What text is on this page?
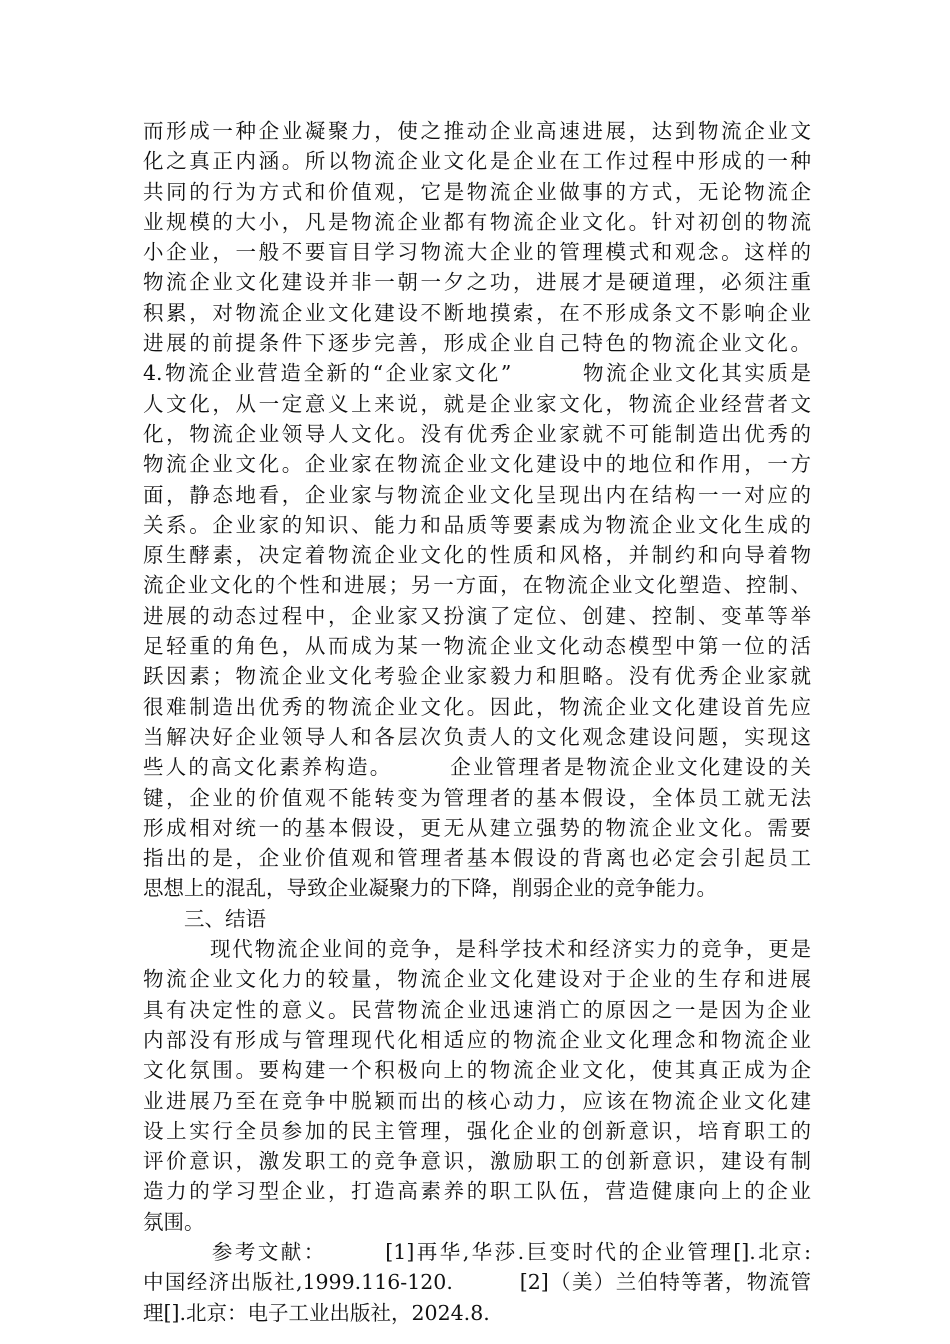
而形成一种企业凝聚力，使之推动企业高速进展，达到物流企业文
化之真正内涵。所以物流企业文化是企业在工作过程中形成的一种
共同的行为方式和价值观，它是物流企业做事的方式，无论物流企
业规模的大小，凡是物流企业都有物流企业文化。针对初创的物流
小企业，一般不要盲目学习物流大企业的管理模式和观念。这样的
物流企业文化建设并非一朝一夕之功，进展才是硬道理，必须注重
积累，对物流企业文化建设不断地摸索，在不形成条文不影响企业
进展的前提条件下逐步完善，形成企业自己特色的物流企业文化。
4.物流企业营造全新的“企业家文化”　　　物流企业文化其实质是
人文化，从一定意义上来说，就是企业家文化，物流企业经营者文
化，物流企业领导人文化。没有优秀企业家就不可能制造出优秀的
物流企业文化。企业家在物流企业文化建设中的地位和作用，一方
面，静态地看，企业家与物流企业文化呈现出内在结构一一对应的
关系。企业家的知识、能力和品质等要素成为物流企业文化生成的
原生酵素，决定着物流企业文化的性质和风格，并制约和向导着物
流企业文化的个性和进展；另一方面，在物流企业文化塑造、控制、
进展的动态过程中，企业家又扮演了定位、创建、控制、变革等举
足轻重的角色，从而成为某一物流企业文化动态模型中第一位的活
跃因素；物流企业文化考验企业家毅力和胆略。没有优秀企业家就
很难制造出优秀的物流企业文化。因此，物流企业文化建设首先应
当解决好企业领导人和各层次负责人的文化观念建设问题，实现这
些人的高文化素养构造。　　　企业管理者是物流企业文化建设的关
键，企业的价值观不能转变为管理者的基本假设，全体员工就无法
形成相对统一的基本假设，更无从建立强势的物流企业文化。需要
指出的是，企业价值观和管理者基本假设的背离也必定会引起员工
思想上的混乱，导致企业凝聚力的下降，削弱企业的竞争能力。
　　三、结语
　　　现代物流企业间的竞争，是科学技术和经济实力的竞争，更是
物流企业文化力的较量，物流企业文化建设对于企业的生存和进展
具有决定性的意义。民营物流企业迅速消亡的原因之一是因为企业
内部没有形成与管理现代化相适应的物流企业文化理念和物流企业
文化氛围。要构建一个积极向上的物流企业文化，使其真正成为企
业进展乃至在竞争中脱颖而出的核心动力，应该在物流企业文化建
设上实行全员参加的民主管理，强化企业的创新意识，培育职工的
评价意识，激发职工的竞争意识，激励职工的创新意识，建设有制
造力的学习型企业，打造高素养的职工队伍，营造健康向上的企业
氛围。
　　　参考文献：　　　[1]再华,华莎.巨变时代的企业管理[].北京:
中国经济出版社,1999.116-120.　　　[2]（美）兰伯特等著，物流管
理[].北京：电子工业出版社，2024.8.
